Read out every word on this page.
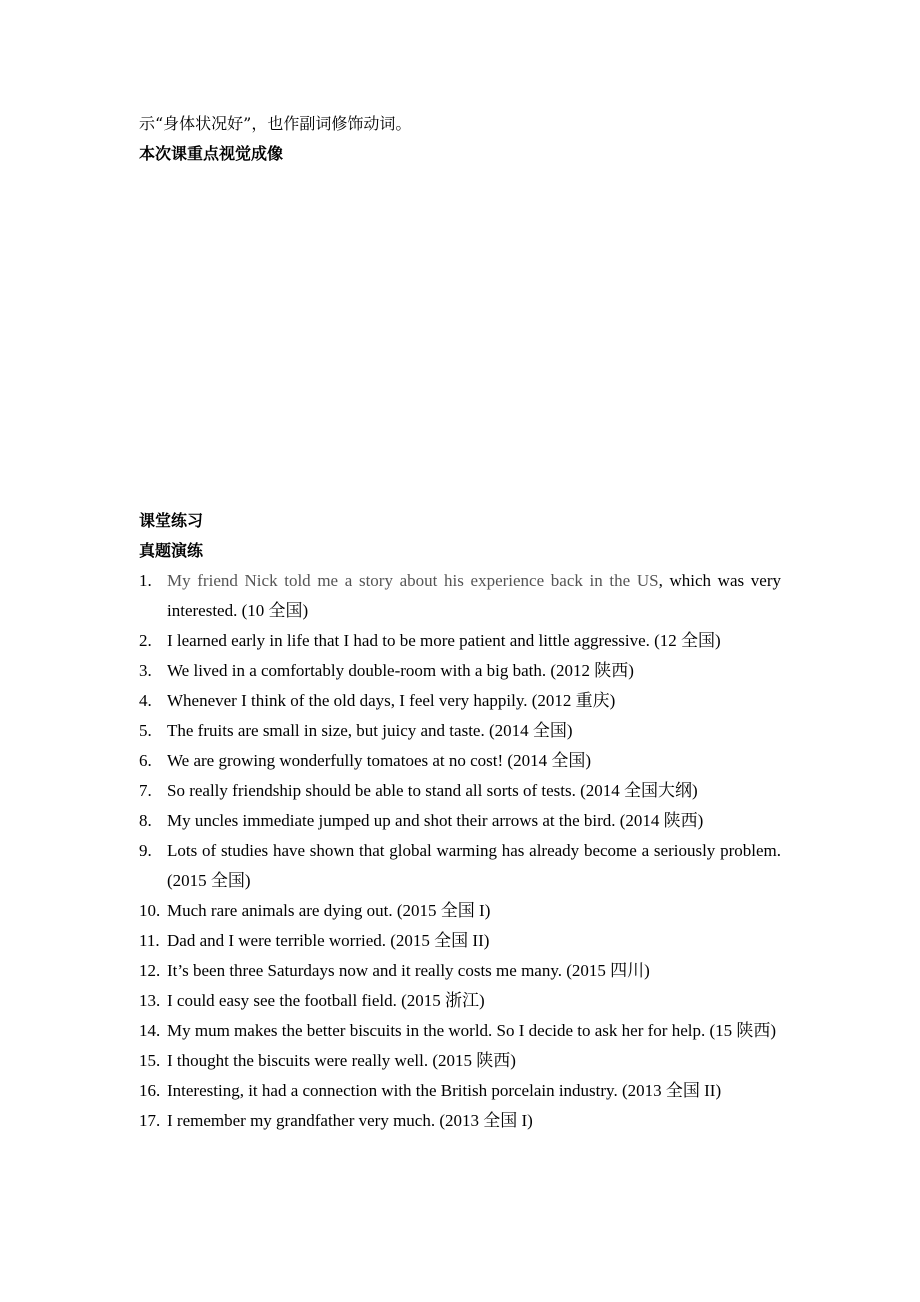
示“身体状况好”，也作副词修饰动词。
本次课重点视觉成像
课堂练习
真题演练
1. My friend Nick told me a story about his experience back in the US, which was very interested. (10 全国)
2. I learned early in life that I had to be more patient and little aggressive. (12 全国)
3. We lived in a comfortably double-room with a big bath. (2012 陕西)
4. Whenever I think of the old days, I feel very happily. (2012 重庆)
5. The fruits are small in size, but juicy and taste. (2014 全国)
6. We are growing wonderfully tomatoes at no cost! (2014 全国)
7. So really friendship should be able to stand all sorts of tests. (2014 全国大纲)
8. My uncles immediate jumped up and shot their arrows at the bird. (2014 陕西)
9. Lots of studies have shown that global warming has already become a seriously problem. (2015 全国)
10. Much rare animals are dying out. (2015 全国 I)
11. Dad and I were terrible worried. (2015 全国 II)
12. It’s been three Saturdays now and it really costs me many. (2015 四川)
13. I could easy see the football field. (2015 浙江)
14. My mum makes the better biscuits in the world. So I decide to ask her for help. (15 陕西)
15. I thought the biscuits were really well. (2015 陕西)
16. Interesting, it had a connection with the British porcelain industry. (2013 全国 II)
17. I remember my grandfather very much. (2013 全国 I)
